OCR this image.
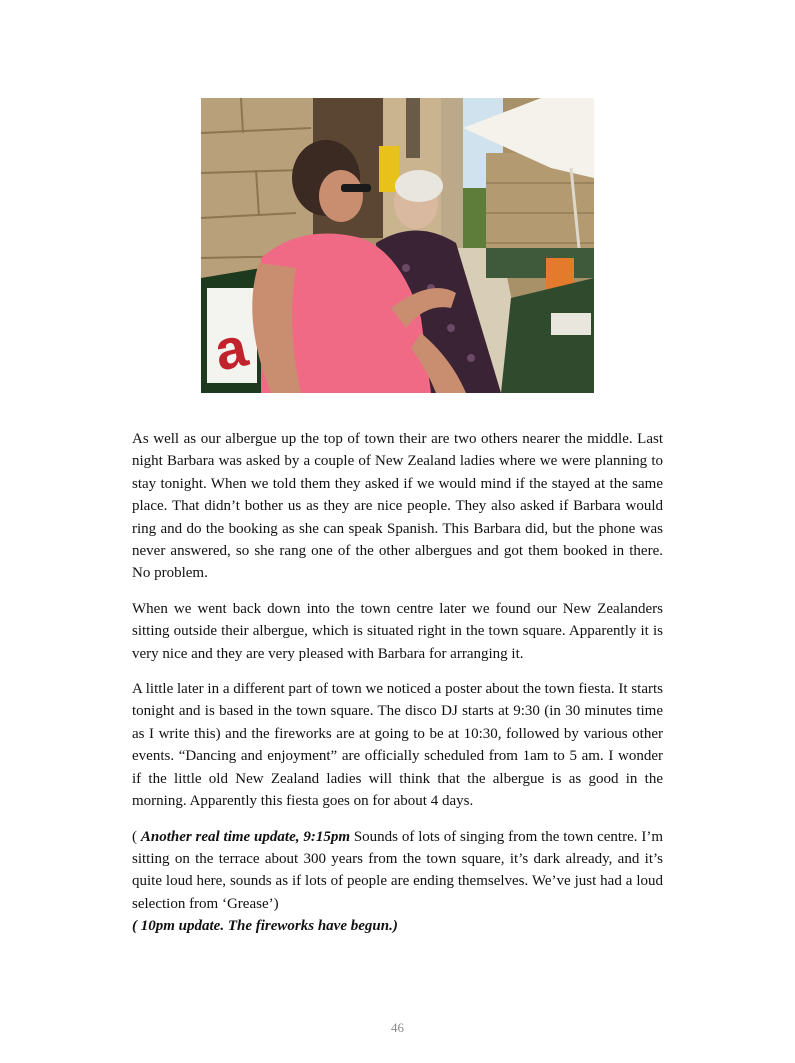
a

As well as our albergue up the top of town their are two others nearer the middle. Last night Barbara was asked by a couple of New Zealand ladies where we were planning to stay tonight. When we told them they asked if we would mind if the stayed at the same place. That didn’t bother us as they are nice people. They also asked if Barbara would ring and do the booking as she can speak Spanish. This Barbara did, but the phone was never answered, so she rang one of the other albergues and got them booked in there. No problem.

When we went back down into the town centre later we found our New Zealanders sitting outside their albergue, which is situated right in the town square. Apparently it is very nice and they are very pleased with Barbara for arranging it.

A little later in a different part of town we noticed a poster about the town fiesta. It starts tonight and is based in the town square. The disco DJ starts at 9:30 (in 30 minutes time as I write this) and the fireworks are at going to be at 10:30, followed by various other events. “Dancing and enjoyment” are officially scheduled from 1am to 5 am. I wonder if the little old New Zealand ladies will think that the albergue is as good in the morning. Apparently this fiesta goes on for about 4 days.

( Another real time update, 9:15pm Sounds of lots of singing from the town centre. I’m sitting on the terrace about 300 years from the town square, it’s dark already, and it’s quite loud here, sounds as if lots of people are ending themselves. We’ve just had a loud selection from ‘Grease’)

( 10pm update. The fireworks have begun.)

46
